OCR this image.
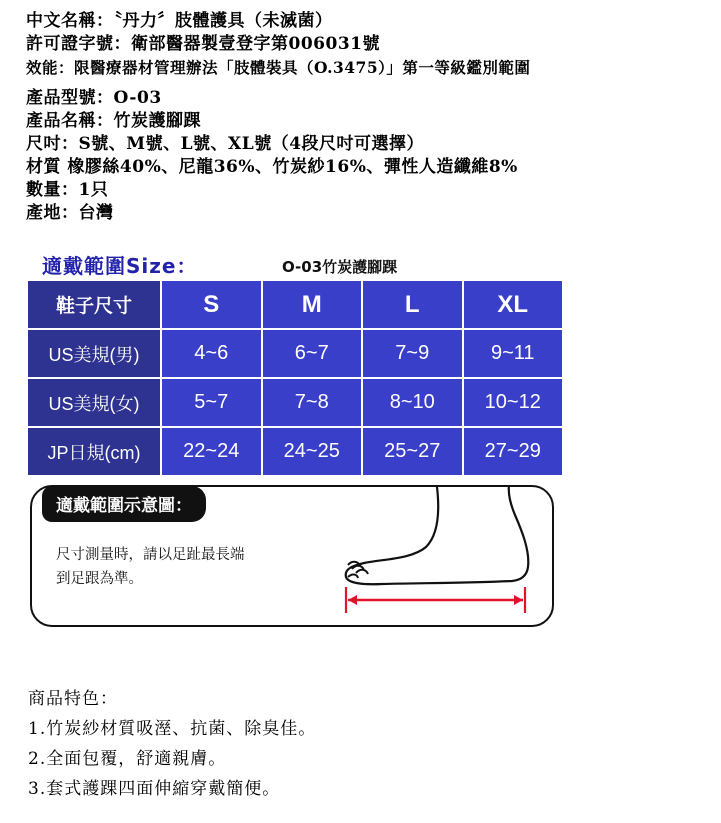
中文名稱：〝丹力〞肢體護具（未滅菌）
許可證字號：衛部醫器製壹登字第006031號
效能：限醫療器材管理辦法「肢體裝具（O.3475）」第一等級鑑別範圍
產品型號：O-03
產品名稱：竹炭護腳踝
尺吋：S號、M號、L號、XL號（4段尺吋可選擇）
材質 橡膠絲40%、尼龍36%、竹炭紗16%、彈性人造纖維8%
數量：1只
產地：台灣
適戴範圍Size：	O-03竹炭護腳踝
鞋子尺寸	S	M	L	XL
US美規(男)	4~6	6~7	7~9	9~11
US美規(女)	5~7	7~8	8~10	10~12
JP日規(cm)	22~24	24~25	25~27	27~29
適戴範圍示意圖：
尺寸測量時，請以足趾最長端
到足跟為準。
商品特色：
1.竹炭紗材質吸溼、抗菌、除臭佳。
2.全面包覆，舒適親膚。
3.套式護踝四面伸縮穿戴簡便。
